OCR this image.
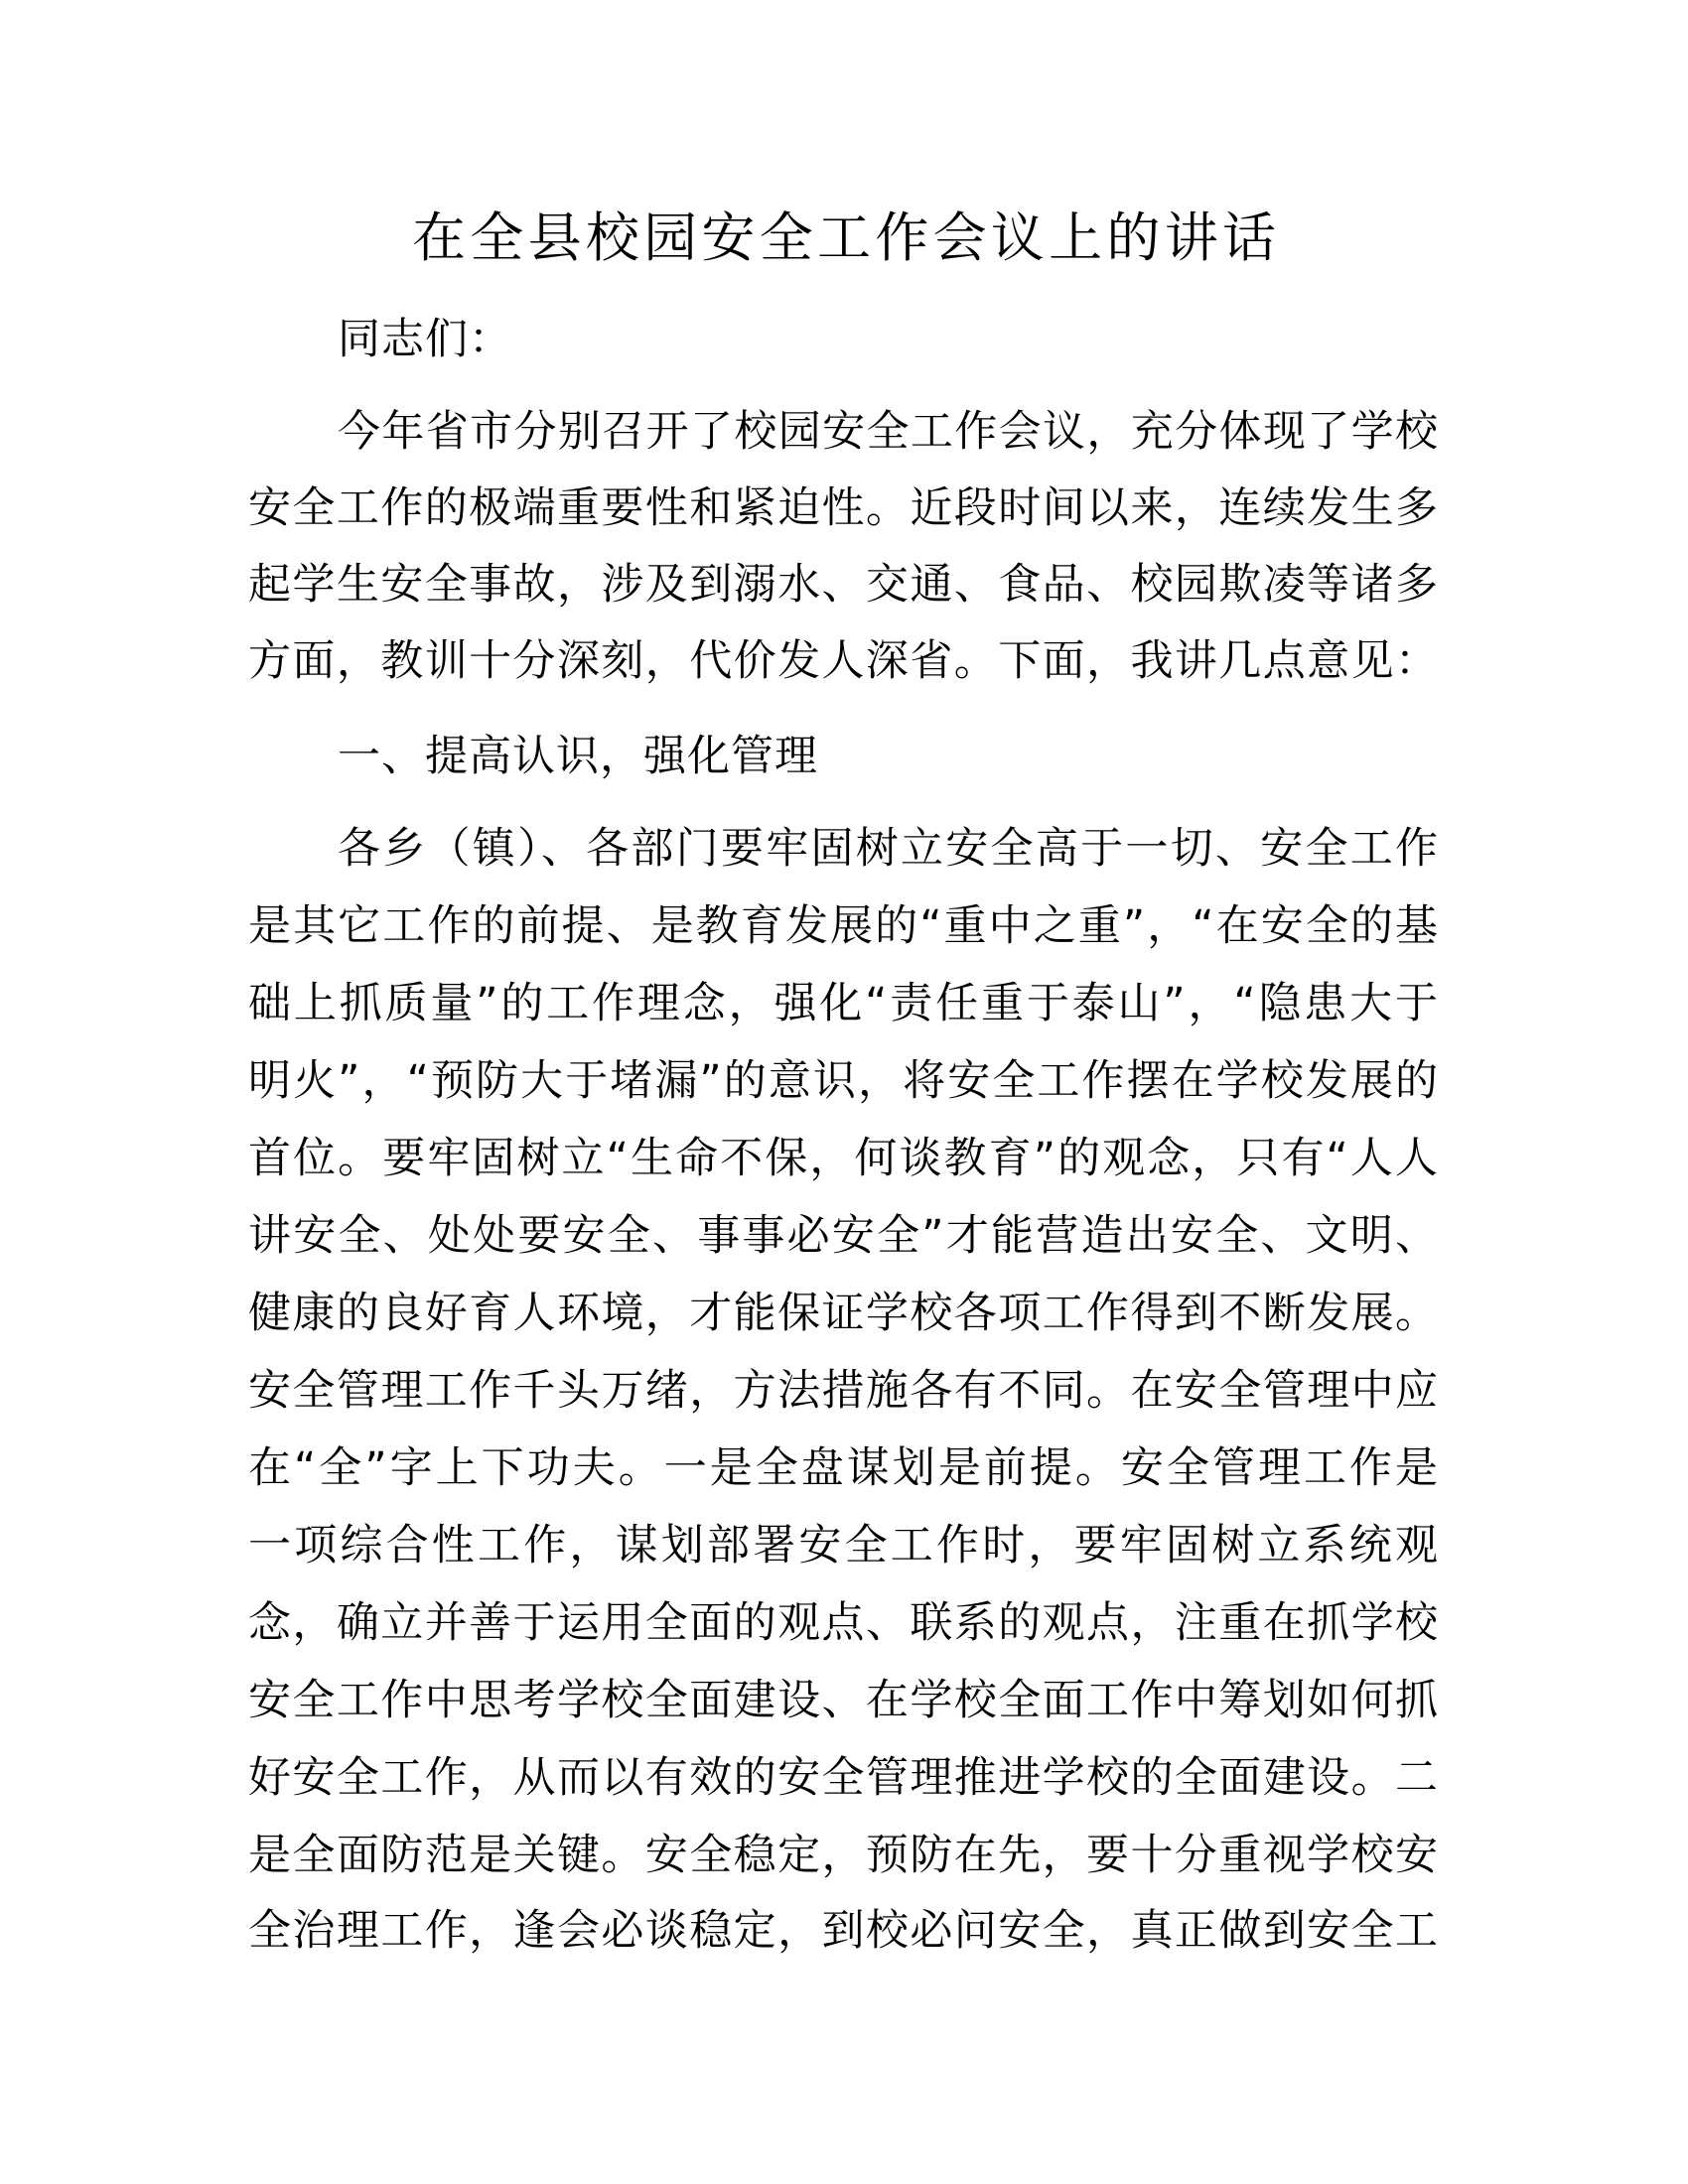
在全县校园安全工作会议上的讲话
同志们：
今年省市分别召开了校园安全工作会议，充分体现了学校
安全工作的极端重要性和紧迫性。近段时间以来，连续发生多
起学生安全事故，涉及到溺水、交通、食品、校园欺凌等诸多
方面，教训十分深刻，代价发人深省。下面，我讲几点意见：
一、提高认识，强化管理
各乡（镇）、各部门要牢固树立安全高于一切、安全工作
是其它工作的前提、是教育发展的“重中之重”，“在安全的基
础上抓质量”的工作理念，强化“责任重于泰山”，“隐患大于
明火”，“预防大于堵漏”的意识，将安全工作摆在学校发展的
首位。要牢固树立“生命不保，何谈教育”的观念，只有“人人
讲安全、处处要安全、事事必安全”才能营造出安全、文明、
健康的良好育人环境，才能保证学校各项工作得到不断发展。
安全管理工作千头万绪，方法措施各有不同。在安全管理中应
在“全”字上下功夫。一是全盘谋划是前提。安全管理工作是
一项综合性工作，谋划部署安全工作时，要牢固树立系统观
念，确立并善于运用全面的观点、联系的观点，注重在抓学校
安全工作中思考学校全面建设、在学校全面工作中筹划如何抓
好安全工作，从而以有效的安全管理推进学校的全面建设。二
是全面防范是关键。安全稳定，预防在先，要十分重视学校安
全治理工作，逢会必谈稳定，到校必问安全，真正做到安全工
